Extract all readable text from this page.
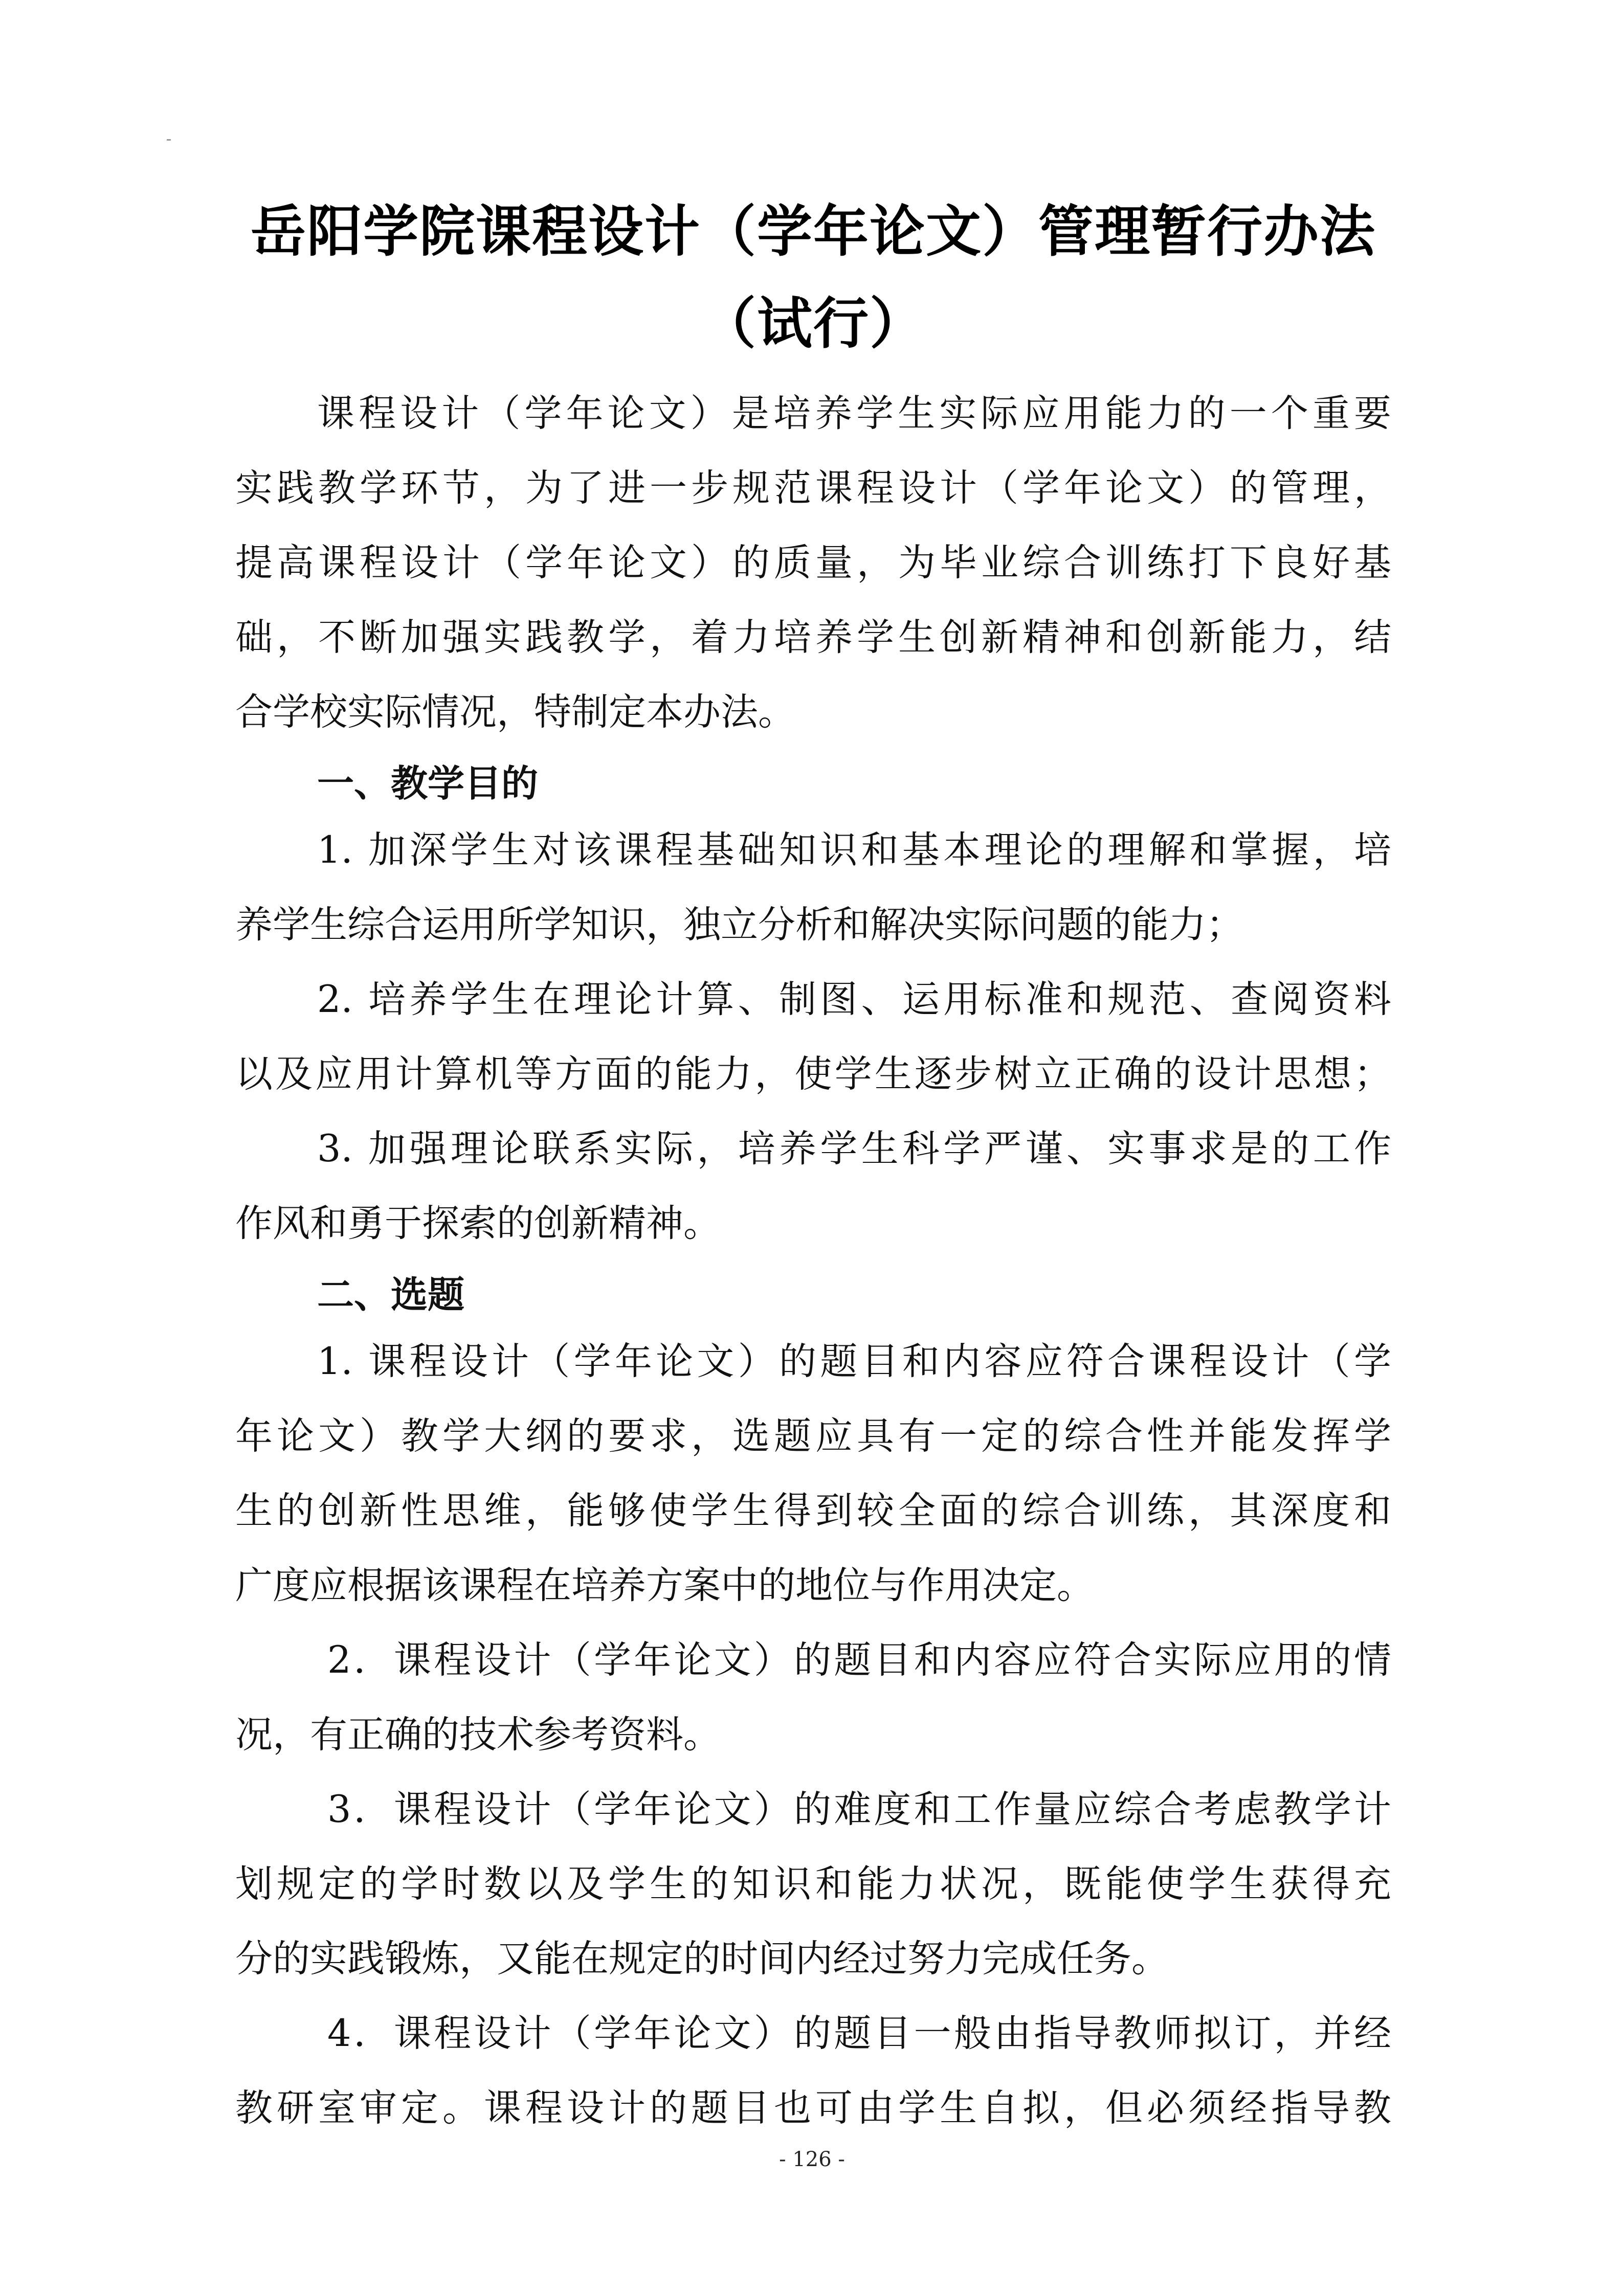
岳阳学院课程设计（学年论文）管理暂行办法
（试行）
课程设计（学年论文）是培养学生实际应用能力的一个重要
实践教学环节，为了进一步规范课程设计（学年论文）的管理，
提高课程设计（学年论文）的质量，为毕业综合训练打下良好基
础，不断加强实践教学，着力培养学生创新精神和创新能力，结
合学校实际情况，特制定本办法。
一、教学目的
1. 加深学生对该课程基础知识和基本理论的理解和掌握，培
养学生综合运用所学知识，独立分析和解决实际问题的能力；
2. 培养学生在理论计算、制图、运用标准和规范、查阅资料
以及应用计算机等方面的能力，使学生逐步树立正确的设计思想；
3. 加强理论联系实际，培养学生科学严谨、实事求是的工作
作风和勇于探索的创新精神。
二、选题
1. 课程设计（学年论文）的题目和内容应符合课程设计（学
年论文）教学大纲的要求，选题应具有一定的综合性并能发挥学
生的创新性思维，能够使学生得到较全面的综合训练，其深度和
广度应根据该课程在培养方案中的地位与作用决定。
2．课程设计（学年论文）的题目和内容应符合实际应用的情
况，有正确的技术参考资料。
3．课程设计（学年论文）的难度和工作量应综合考虑教学计
划规定的学时数以及学生的知识和能力状况，既能使学生获得充
分的实践锻炼，又能在规定的时间内经过努力完成任务。
4．课程设计（学年论文）的题目一般由指导教师拟订，并经
教研室审定。课程设计的题目也可由学生自拟，但必须经指导教
- 126 -
